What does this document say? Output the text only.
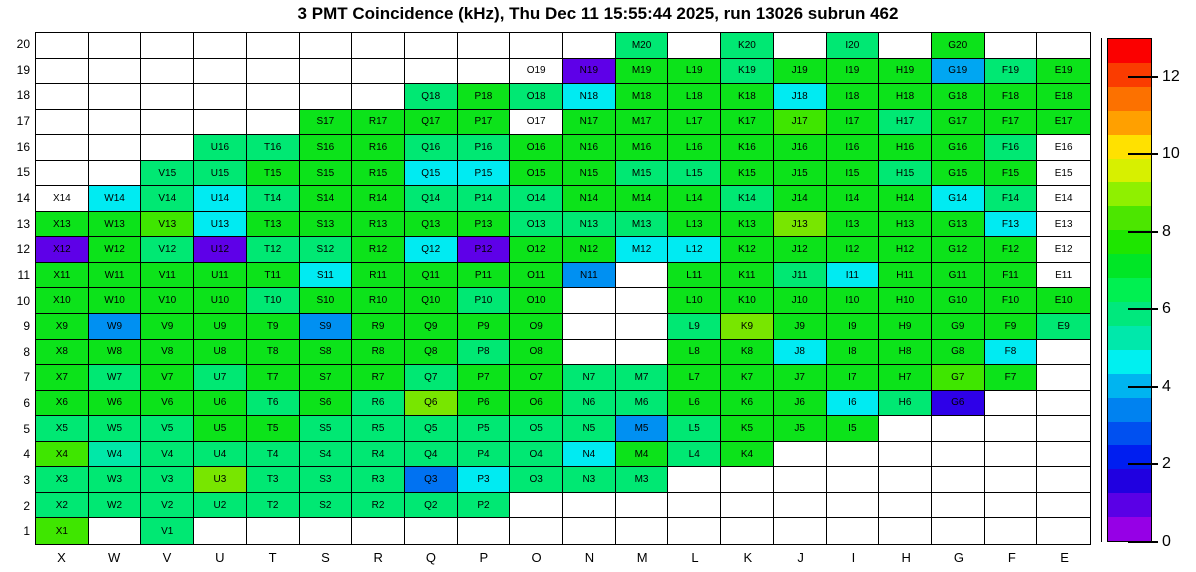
3 PMT Coincidence (kHz), Thu Dec 11 15:55:44 2025, run 13026 subrun 462
M20	K20	I20	G20
O19	N19	M19	L19	K19	J19	I19	H19	G19	F19	E19
Q18	P18	O18	N18	M18	L18	K18	J18	I18	H18	G18	F18	E18
S17	R17	Q17	P17	O17	N17	M17	L17	K17	J17	I17	H17	G17	F17	E17
U16	T16	S16	R16	Q16	P16	O16	N16	M16	L16	K16	J16	I16	H16	G16	F16	E16
V15	U15	T15	S15	R15	Q15	P15	O15	N15	M15	L15	K15	J15	I15	H15	G15	F15	E15
X14	W14	V14	U14	T14	S14	R14	Q14	P14	O14	N14	M14	L14	K14	J14	I14	H14	G14	F14	E14
X13	W13	V13	U13	T13	S13	R13	Q13	P13	O13	N13	M13	L13	K13	J13	I13	H13	G13	F13	E13
X12	W12	V12	U12	T12	S12	R12	Q12	P12	O12	N12	M12	L12	K12	J12	I12	H12	G12	F12	E12
X11	W11	V11	U11	T11	S11	R11	Q11	P11	O11	N11	L11	K11	J11	I11	H11	G11	F11	E11
X10	W10	V10	U10	T10	S10	R10	Q10	P10	O10	L10	K10	J10	I10	H10	G10	F10	E10
X9	W9	V9	U9	T9	S9	R9	Q9	P9	O9	L9	K9	J9	I9	H9	G9	F9	E9
X8	W8	V8	U8	T8	S8	R8	Q8	P8	O8	L8	K8	J8	I8	H8	G8	F8
X7	W7	V7	U7	T7	S7	R7	Q7	P7	O7	N7	M7	L7	K7	J7	I7	H7	G7	F7
X6	W6	V6	U6	T6	S6	R6	Q6	P6	O6	N6	M6	L6	K6	J6	I6	H6	G6
X5	W5	V5	U5	T5	S5	R5	Q5	P5	O5	N5	M5	L5	K5	J5	I5
X4	W4	V4	U4	T4	S4	R4	Q4	P4	O4	N4	M4	L4	K4
X3	W3	V3	U3	T3	S3	R3	Q3	P3	O3	N3	M3
X2	W2	V2	U2	T2	S2	R2	Q2	P2
X1	V1
20
19
18
17
16
15
14
13
12
11
10
9
8
7
6
5
4
3
2
1
X	W	V	U	T	S	R	Q	P	O	N	M	L	K	J	I	H	G	F	E
0
2
4
6
8
10
12
